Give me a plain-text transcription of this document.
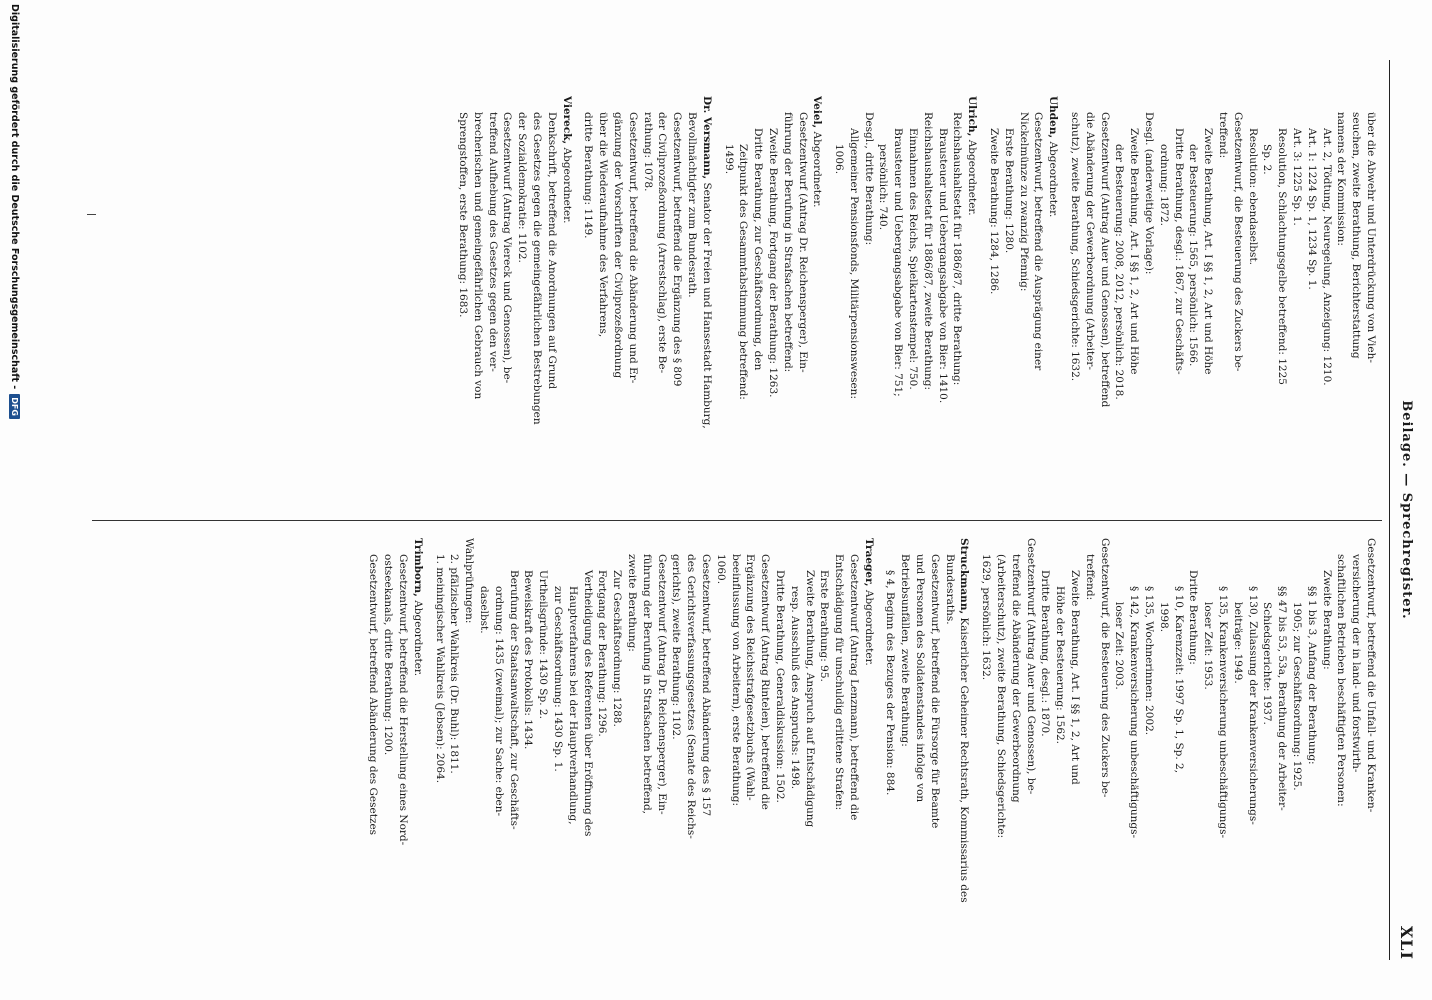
Beilage. — Sprechregister.
XLI
Gesetzentwurf, betreffend die Unfall- und Kranken-
versicherung der in land- und forstwirth-
schaftlichen Betrieben beschäftigten Personen:
Zweite Berathung:
§§ 1 bis 3, Anfang der Berathung:
1905; zur Geschäftsordnung: 1925.
§§ 47 bis 53, 53a, Berathung der Arbeiter-
Schiedsgerichte: 1937.
§ 130, Zulassung der Krankenversicherungs-
beiträge: 1949.
§ 135, Krankenversicherung unbeschäftigungs-
loser Zeit: 1953.
Dritte Berathung:
§ 10, Karenzzeit: 1997 Sp. 1, Sp. 2,
1998.
§ 135, Wochnerinnen: 2002.
§ 142, Krankenversicherung unbeschäftigungs-
loser Zeit: 2003.
Gesetzentwurf, die Besteuerung des Zuckers be-
treffend:
Zweite Berathung, Art. I §§ 1, 2, Art und
Höhe der Besteuerung: 1562.
Dritte Berathung, desgl.: 1870.
Gesetzentwurf (Antrag Auer und Genossen), be-
treffend die Abänderung der Gewerbeordnung
(Arbeiterschutz), zweite Berathung, Schiedsgerichte:
1629, persönlich: 1632.
Struckmann, Kaiserlicher Geheimer Rechtsrath, Kommissarius des
Bundesraths.
Gesetzentwurf, betreffend die Fürsorge für Beamte
und Personen des Soldatenstandes infolge von
Betriebsunfällen, zweite Berathung:
§ 4, Beginn des Bezuges der Pension: 884.
Traeger, Abgeordneter.
Gesetzentwurf (Antrag Lenzmann), betreffend die
Entschädigung für unschuldig erlittene Strafen:
Erste Berathung: 95.
Zweite Berathung, Anspruch auf Entschädigung
resp. Ausschluß des Anspruchs: 1498.
Dritte Berathung, Generaldiskussion: 1502.
Gesetzentwurf (Antrag Rintelen), betreffend die
Ergänzung des Reichsstrafgesetzbuchs (Wahl-
beeinflussung von Arbeitern), erste Berathung:
1060.
Gesetzentwurf, betreffend Abänderung des § 157
des Gerichtsverfassungsgesetzes (Senate des Reichs-
gerichts), zweite Berathung: 1102.
Gesetzentwurf (Antrag Dr. Reichensperger), Ein-
führung der Berufung in Strafsachen betreffend,
zweite Berathung:
Zur Geschäftsordnung: 1288.
Fortgang der Berathung: 1296.
Vertheidigung des Referenten über Eröffnung des
Hauptverfahrens bei der Hauptverhandlung,
zur Geschäftsordnung: 1430 Sp. 1.
Urtheilsgründe: 1430 Sp. 2.
Beweiskraft des Protokolls: 1434.
Berufung der Staatsanwaltschaft, zur Geschäfts-
ordnung: 1435 (zweimal); zur Sache: eben-
daselbst.
Wahlprüfungen:
2. pfälzischer Wahlkreis (Dr. Buhl): 1811.
1. meiningischer Wahlkreis (Jebsen): 2064.
Trimborn, Abgeordneter.
Gesetzentwurf, betreffend die Herstellung eines Nord-
ostseekanals, dritte Berathung: 1200.
Gesetzentwurf, betreffend Abänderung des Gesetzes
über die Abwehr und Unterdrückung von Vieh-
seuchen, zweite Berathung, Berichterstattung
namens der Kommission:
Art. 2, Tödtung, Neuregelung, Anzeigung: 1210.
Art. 1: 1224 Sp. 1, 1234 Sp. 1.
Art. 3: 1225 Sp. 1.
Resolution, Schlachtungsgelbe betreffend: 1225
Sp. 2.
Resolution: ebendaselbst.
Gesetzentwurf, die Besteuerung des Zuckers be-
treffend:
Zweite Berathung, Art. I §§ 1, 2, Art und Höhe
der Besteuerung: 1565, persönlich: 1566.
Dritte Berathung, desgl.: 1867, zur Geschäfts-
ordnung: 1872.
Desgl. (anderweitige Vorlage):
Zweite Berathung, Art. I §§ 1, 2, Art und Höhe
der Besteuerung: 2008, 2012, persönlich: 2018.
Gesetzentwurf (Antrag Auer und Genossen), betreffend
die Abänderung der Gewerbeordnung (Arbeiter-
schutz), zweite Berathung, Schiedsgerichte: 1632.
Uhden, Abgeordneter.
Gesetzentwurf, betreffend die Ausprägung einer
Nickelmünze zu zwanzig Pfennig:
Erste Berathung: 1280.
Zweite Berathung: 1284, 1286.
Ulrich, Abgeordneter.
Reichshaushaltsetat für 1886/87, dritte Berathung:
Brausteuer und Uebergangsabgabe von Bier: 1410.
Reichshaushaltsetat für 1886/87, zweite Berathung:
Einnahmen des Reichs, Spielkartenstempel: 750.
Brausteuer und Uebergangsabgabe von Bier: 751;
persönlich: 740.
Desgl., dritte Berathung:
Allgemeiner Pensionsfonds, Militärpensionswesen:
1006.
Veiel, Abgeordneter.
Gesetzentwurf (Antrag Dr. Reichensperger), Ein-
führung der Berufung in Strafsachen betreffend:
Zweite Berathung, Fortgang der Berathung: 1263.
Dritte Berathung, zur Geschäftsordnung, den
Zeitpunkt des Gesammtabstimmung betreffend:
1499.
Dr. Versmann, Senator der Freien und Hansestadt Hamburg,
Bevollmächtigter zum Bundesrath.
Gesetzentwurf, betreffend die Ergänzung des § 809
der Civilprozeßordnung (Arrestschlag), erste Be-
rathung: 1078.
Gesetzentwurf, betreffend die Abänderung und Er-
gänzung der Vorschriften der Civilprozeßordnung
über die Wiederaufnahme des Verfahrens,
dritte Berathung: 1149.
Viereck, Abgeordneter.
Denkschrift, betreffend die Anordnungen auf Grund
des Gesetzes gegen die gemeingefährlichen Bestrebungen
der Sozialdemokratie: 1102.
Gesetzentwurf (Antrag Viereck und Genossen), be-
treffend Aufhebung des Gesetzes gegen den ver-
brecherischen und gemeingefährlichen Gebrauch von
Sprengstoffen, erste Berathung: 1683.
Digitalisierung gefördert durch die Deutsche Forschungsgemeinschaft -DFG
